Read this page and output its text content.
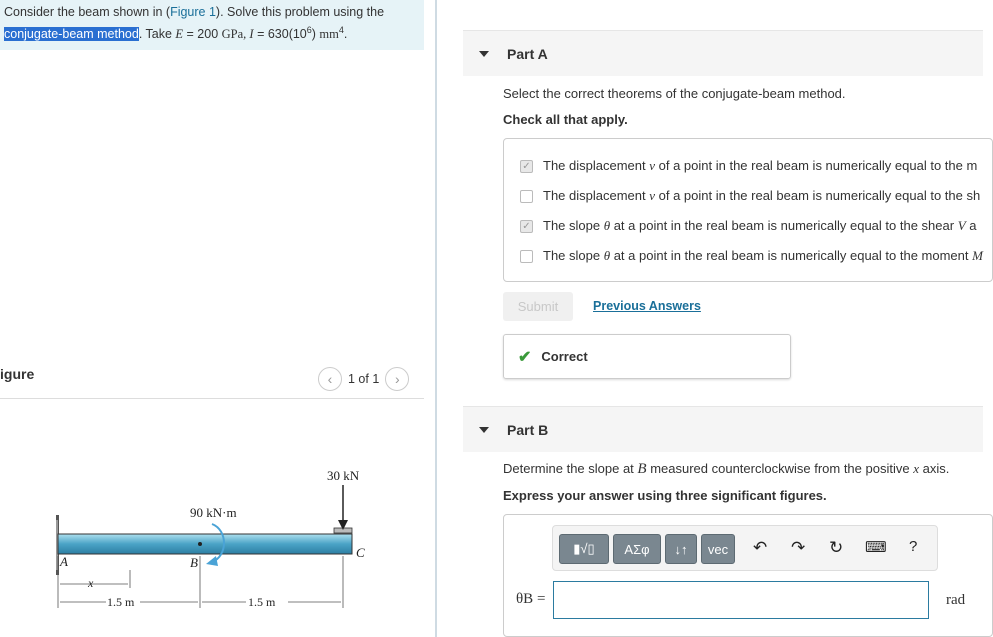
Consider the beam shown in (Figure 1). Solve this problem using the
conjugate-beam method. Take E = 200 GPa, $I = 630(10^6)$ $mm^4$.
igure	‹	1 of 1	›
30 kN
90 kN·m
A	B
C
x
1.5 m	1.5 m
Part A
Select the correct theorems of the conjugate-beam method.
Check all that apply.
✓ The displacement v of a point in the real beam is numerically equal to the m
The displacement v of a point in the real beam is numerically equal to the sh
✓ The slope θ at a point in the real beam is numerically equal to the shear V a
The slope θ at a point in the real beam is numerically equal to the moment M
Submit	Previous Answers
✔ Correct
Part B
Determine the slope at B measured counterclockwise from the positive x axis.
Express your answer using three significant figures.
▮√▯	ΑΣφ	↓↑	vec	↶ ↷ ↻ ⌨ ?
θB =	rad
